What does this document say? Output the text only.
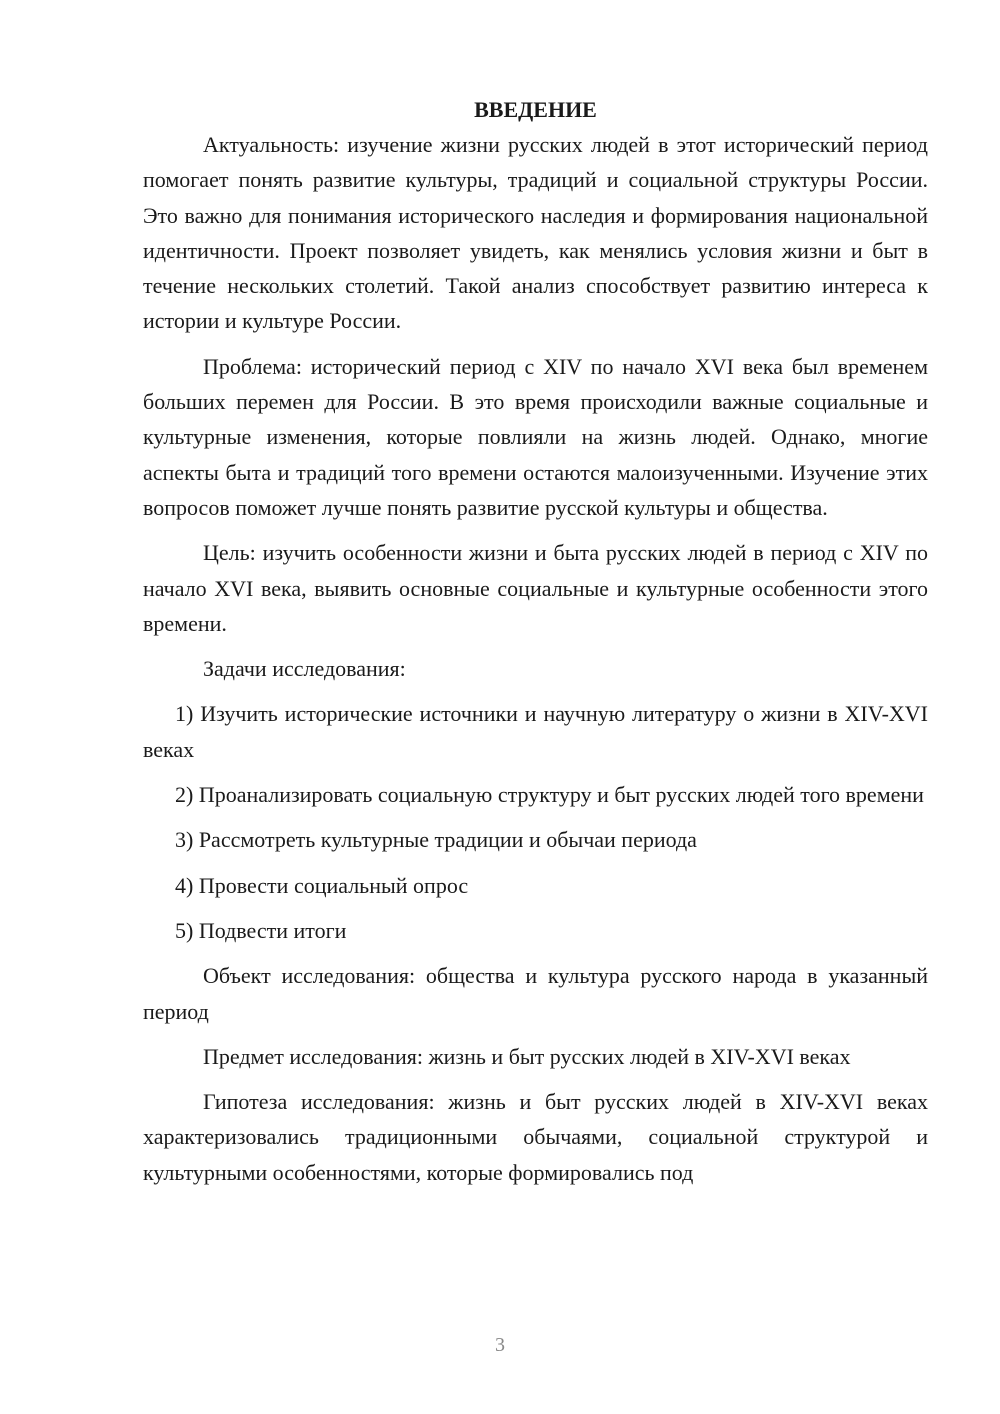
ВВЕДЕНИЕ

Актуальность: изучение жизни русских людей в этот исторический период помогает понять развитие культуры, традиций и социальной структуры России. Это важно для понимания исторического наследия и формирования национальной идентичности. Проект позволяет увидеть, как менялись условия жизни и быт в течение нескольких столетий. Такой анализ способствует развитию интереса к истории и культуре России.

Проблема: исторический период с XIV по начало XVI века был временем больших перемен для России. В это время происходили важные социальные и культурные изменения, которые повлияли на жизнь людей. Однако, многие аспекты быта и традиций того времени остаются малоизученными. Изучение этих вопросов поможет лучше понять развитие русской культуры и общества.

Цель: изучить особенности жизни и быта русских людей в период с XIV по начало XVI века, выявить основные социальные и культурные особенности этого времени.

Задачи исследования:

1) Изучить исторические источники и научную литературу о жизни в XIV-XVI веках

2) Проанализировать социальную структуру и быт русских людей того времени

3) Рассмотреть культурные традиции и обычаи периода

4) Провести социальный опрос

5) Подвести итоги

Объект исследования: общества и культура русского народа в указанный период

Предмет исследования: жизнь и быт русских людей в XIV-XVI веках

Гипотеза исследования: жизнь и быт русских людей в XIV-XVI веках характеризовались традиционными обычаями, социальной структурой и культурными особенностями, которые формировались под

3
